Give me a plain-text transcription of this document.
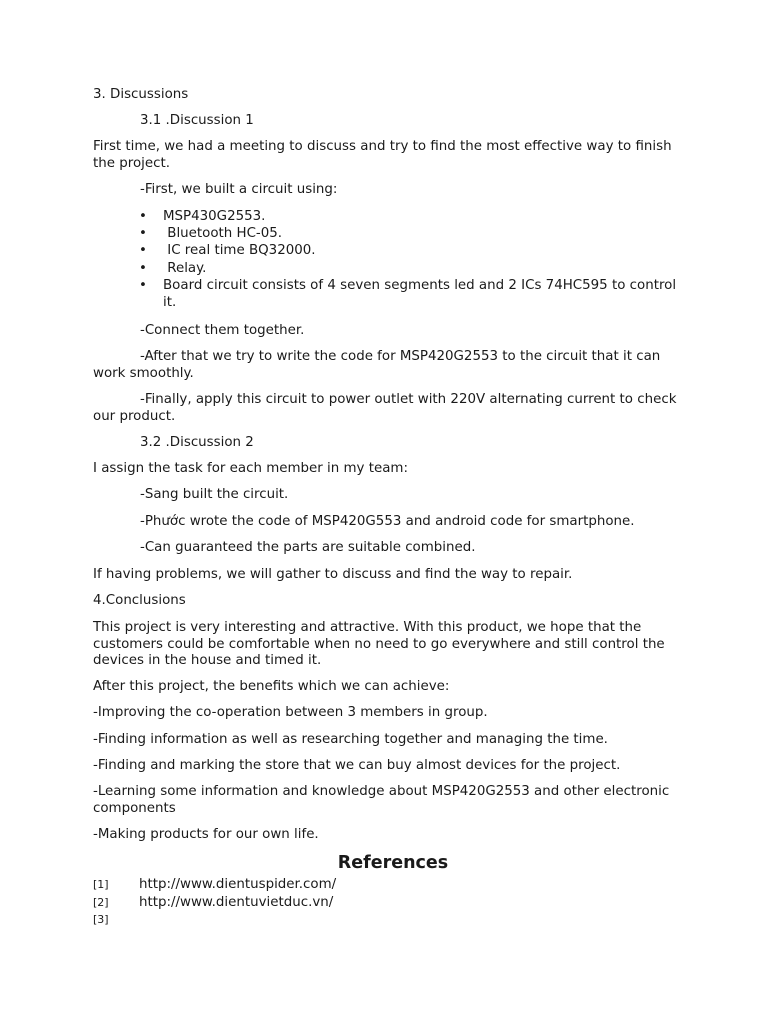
3. Discussions
3.1 .Discussion 1
First time, we had a meeting to discuss and try to find the most effective way to finish the project.
-First, we built a circuit using:
• MSP430G2553.
• Bluetooth HC-05.
• IC real time BQ32000.
• Relay.
• Board circuit consists of 4 seven segments led and 2 ICs 74HC595 to control it.
-Connect them together.
-After that we try to write the code for MSP420G2553 to the circuit that it can work smoothly.
-Finally, apply this circuit to power outlet with 220V alternating current to check our product.
3.2 .Discussion 2
I assign the task for each member in my team:
-Sang built the circuit.
-Phước wrote the code of MSP420G553 and android code for smartphone.
-Can guaranteed the parts are suitable combined.
If having problems, we will gather to discuss and find the way to repair.
4.Conclusions
This project is very interesting and attractive. With this product, we hope that the customers could be comfortable when no need to go everywhere and still control the devices in the house and timed it.
After this project, the benefits which we can achieve:
-Improving the co-operation between 3 members in group.
-Finding information as well as researching together and managing the time.
-Finding and marking the store that we can buy almost devices for the project.
-Learning some information and knowledge about MSP420G2553 and other electronic components
-Making products for our own life.
References
[1] http://www.dientuspider.com/
[2] http://www.dientuvietduc.vn/
[3]
